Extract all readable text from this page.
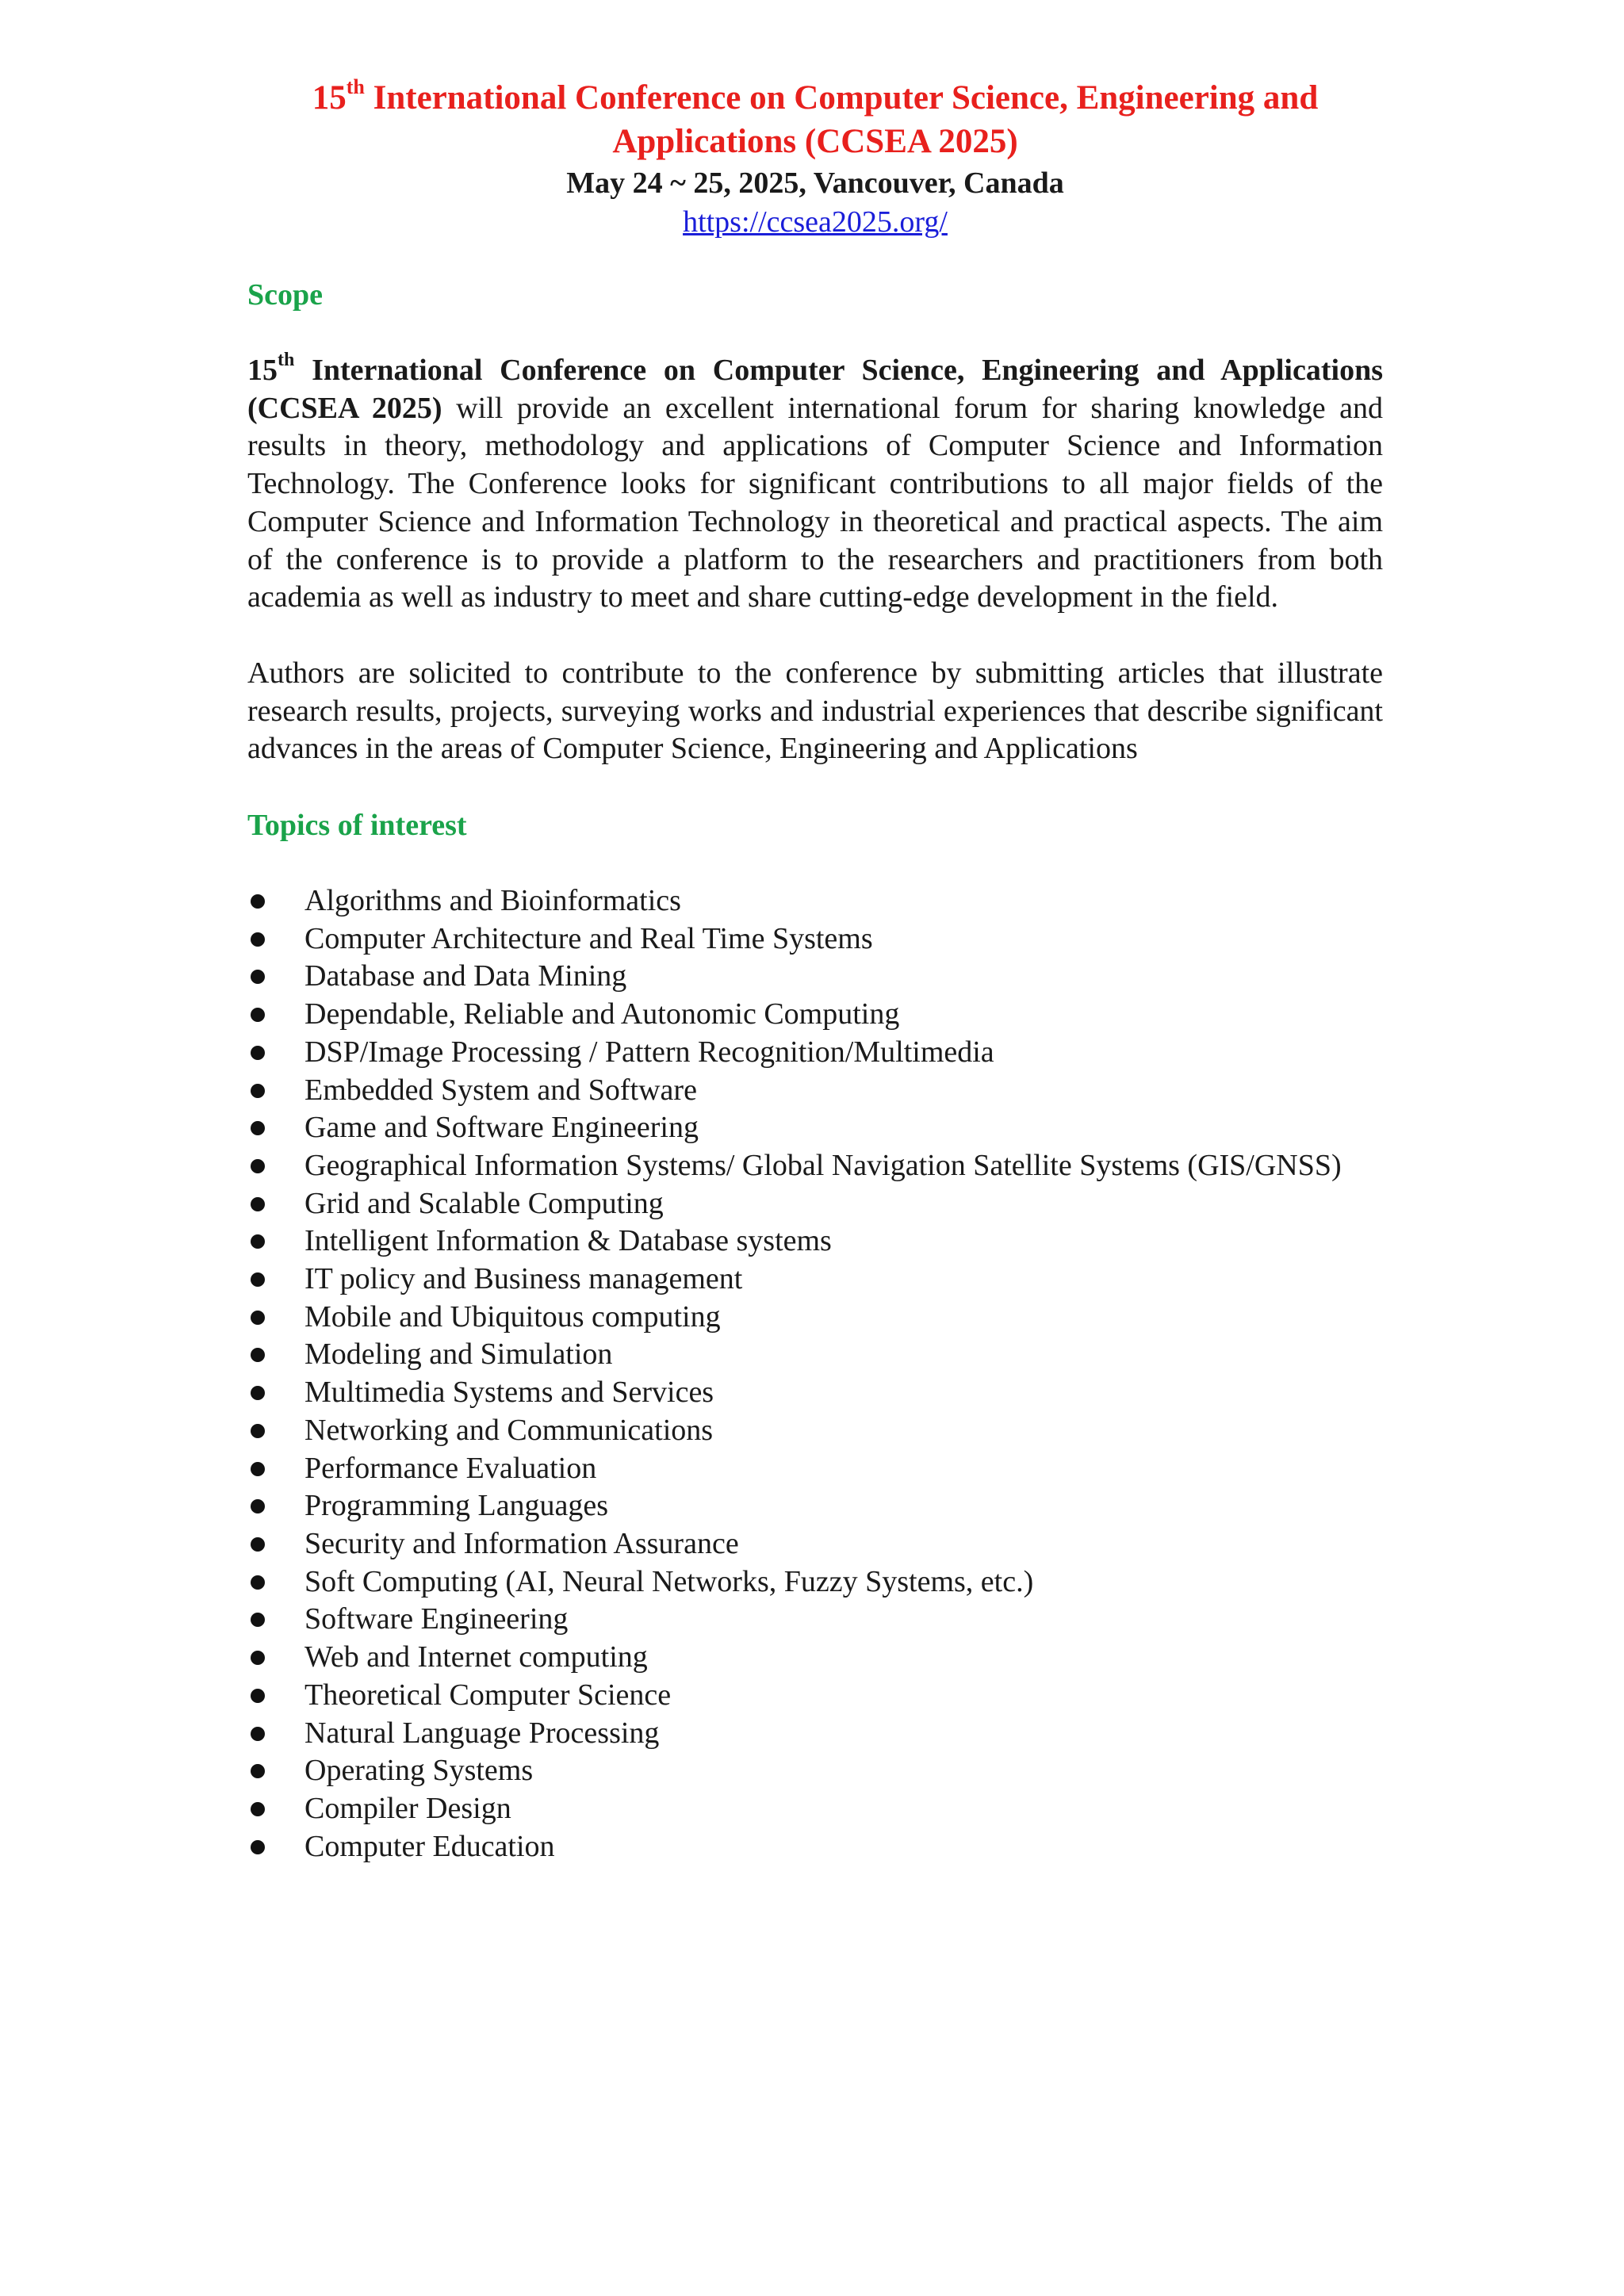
15th International Conference on Computer Science, Engineering and
Applications (CCSEA 2025)

May 24 ~ 25, 2025, Vancouver, Canada

https://ccsea2025.org/

Scope

15th International Conference on Computer Science, Engineering and Applications (CCSEA 2025) will provide an excellent international forum for sharing knowledge and results in theory, methodology and applications of Computer Science and Information Technology. The Conference looks for significant contributions to all major fields of the Computer Science and Information Technology in theoretical and practical aspects. The aim of the conference is to provide a platform to the researchers and practitioners from both academia as well as industry to meet and share cutting-edge development in the field.

Authors are solicited to contribute to the conference by submitting articles that illustrate research results, projects, surveying works and industrial experiences that describe significant advances in the areas of Computer Science, Engineering and Applications

Topics of interest

Algorithms and Bioinformatics
Computer Architecture and Real Time Systems
Database and Data Mining
Dependable, Reliable and Autonomic Computing
DSP/Image Processing / Pattern Recognition/Multimedia
Embedded System and Software
Game and Software Engineering
Geographical Information Systems/ Global Navigation Satellite Systems (GIS/GNSS)
Grid and Scalable Computing
Intelligent Information & Database systems
IT policy and Business management
Mobile and Ubiquitous computing
Modeling and Simulation
Multimedia Systems and Services
Networking and Communications
Performance Evaluation
Programming Languages
Security and Information Assurance
Soft Computing (AI, Neural Networks, Fuzzy Systems, etc.)
Software Engineering
Web and Internet computing
Theoretical Computer Science
Natural Language Processing
Operating Systems
Compiler Design
Computer Education
